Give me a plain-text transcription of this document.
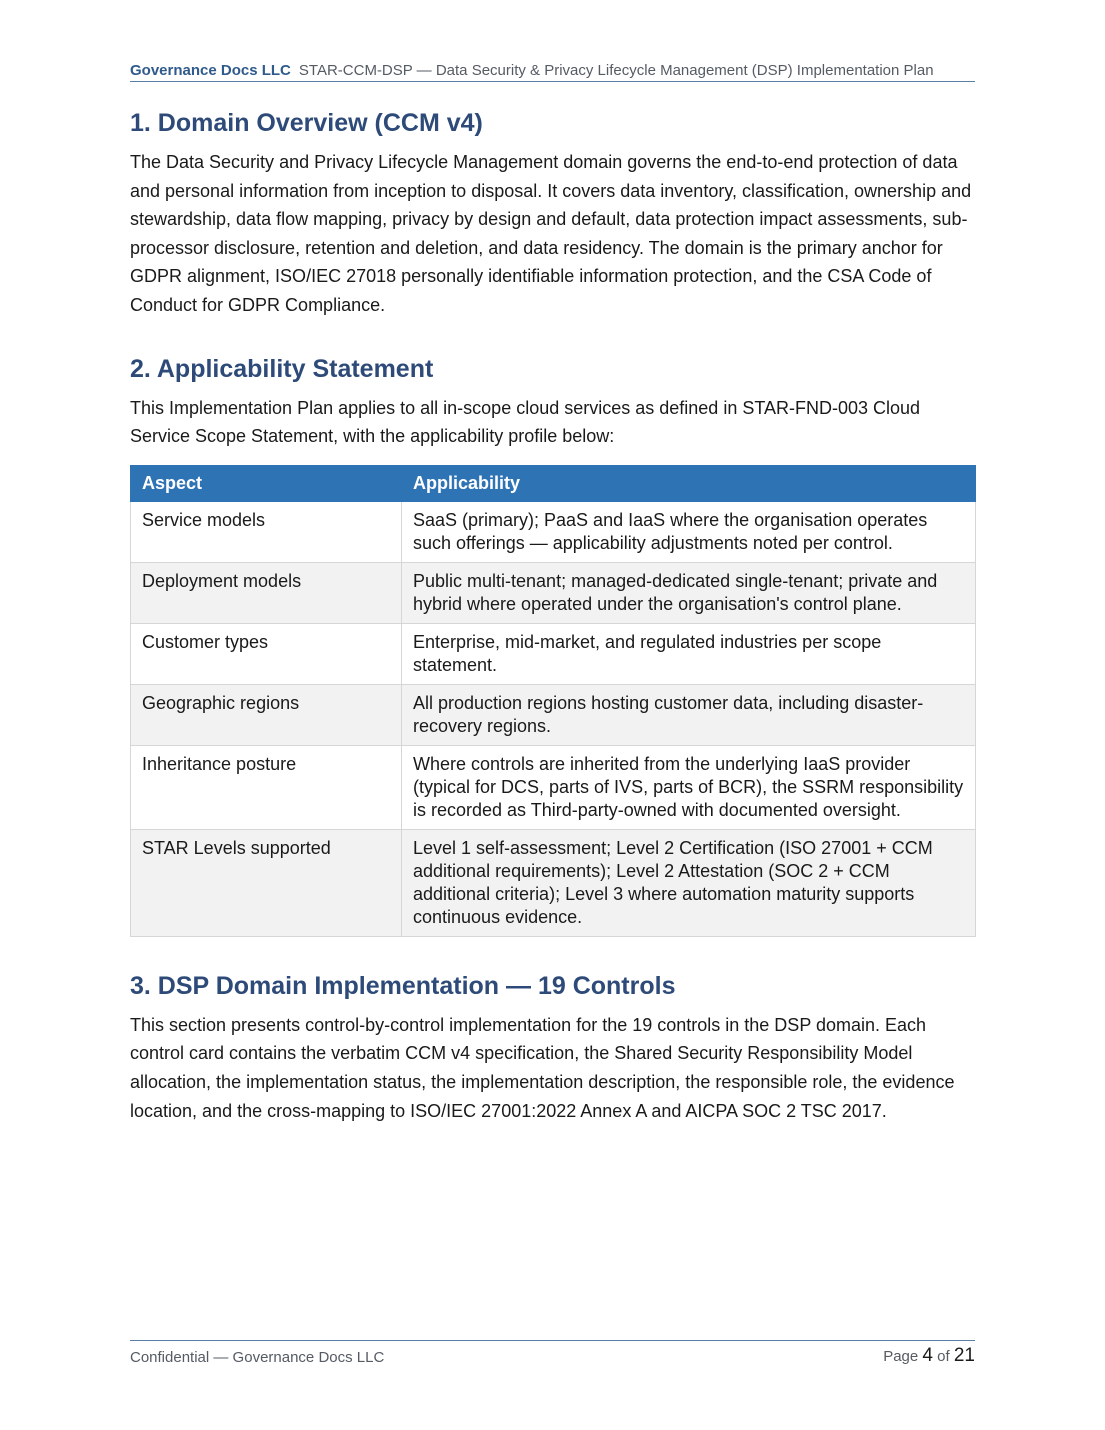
Governance Docs LLC STAR-CCM-DSP — Data Security & Privacy Lifecycle Management (DSP) Implementation Plan
1. Domain Overview (CCM v4)

The Data Security and Privacy Lifecycle Management domain governs the end-to-end protection of data and personal information from inception to disposal. It covers data inventory, classification, ownership and stewardship, data flow mapping, privacy by design and default, data protection impact assessments, sub-processor disclosure, retention and deletion, and data residency. The domain is the primary anchor for GDPR alignment, ISO/IEC 27018 personally identifiable information protection, and the CSA Code of Conduct for GDPR Compliance.

2. Applicability Statement

This Implementation Plan applies to all in-scope cloud services as defined in STAR-FND-003 Cloud Service Scope Statement, with the applicability profile below:

Aspect	Applicability
Service models	SaaS (primary); PaaS and IaaS where the organisation operates such offerings — applicability adjustments noted per control.
Deployment models	Public multi-tenant; managed-dedicated single-tenant; private and hybrid where operated under the organisation's control plane.
Customer types	Enterprise, mid-market, and regulated industries per scope statement.
Geographic regions	All production regions hosting customer data, including disaster-recovery regions.
Inheritance posture	Where controls are inherited from the underlying IaaS provider (typical for DCS, parts of IVS, parts of BCR), the SSRM responsibility is recorded as Third-party-owned with documented oversight.
STAR Levels supported	Level 1 self-assessment; Level 2 Certification (ISO 27001 + CCM additional requirements); Level 2 Attestation (SOC 2 + CCM additional criteria); Level 3 where automation maturity supports continuous evidence.
3. DSP Domain Implementation — 19 Controls

This section presents control-by-control implementation for the 19 controls in the DSP domain. Each control card contains the verbatim CCM v4 specification, the Shared Security Responsibility Model allocation, the implementation status, the implementation description, the responsible role, the evidence location, and the cross-mapping to ISO/IEC 27001:2022 Annex A and AICPA SOC 2 TSC 2017.

Confidential — Governance Docs LLC	Page 4 of 21
